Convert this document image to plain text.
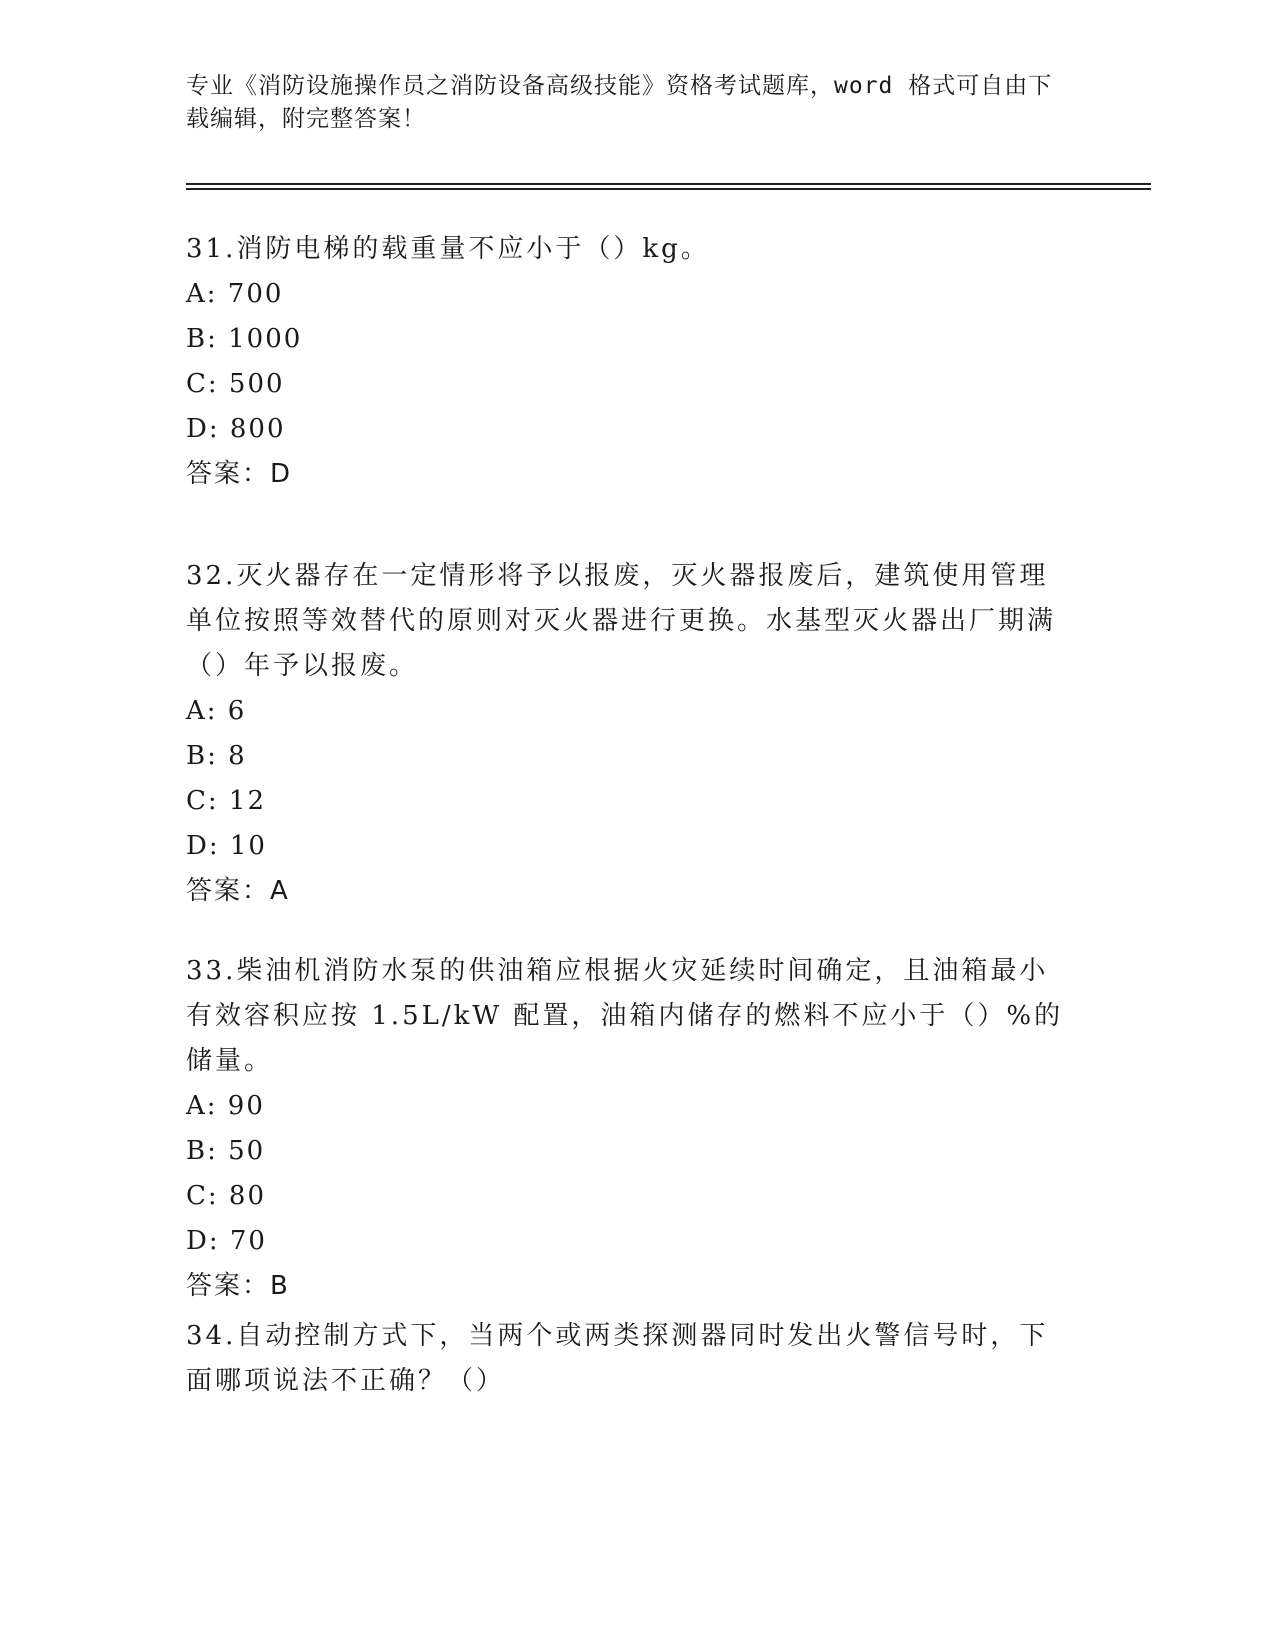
专业《消防设施操作员之消防设备高级技能》资格考试题库，word 格式可自由下载编辑，附完整答案！

31.消防电梯的载重量不应小于（）kg。

A: 700

B: 1000

C: 500

D: 800

答案：D

32.灭火器存在一定情形将予以报废，灭火器报废后，建筑使用管理单位按照等效替代的原则对灭火器进行更换。水基型灭火器出厂期满（）年予以报废。

A: 6

B: 8

C: 12

D: 10

答案：A

33.柴油机消防水泵的供油箱应根据火灾延续时间确定，且油箱最小有效容积应按 1.5L/kW 配置，油箱内储存的燃料不应小于（）%的储量。

A: 90

B: 50

C: 80

D: 70

答案：B

34.自动控制方式下，当两个或两类探测器同时发出火警信号时，下面哪项说法不正确？（）
